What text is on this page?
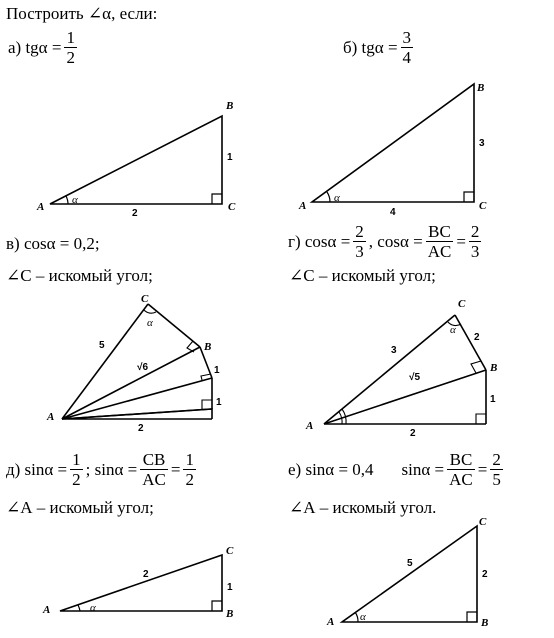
Построить ∠α, если:
а) $tg\alpha = \frac{1}{2}$	б) $tg\alpha = \frac{3}{4}$
в) cosα = 0,2;
∠С – искомый угол;
г) $\cos\alpha = \frac{2}{3}$ , $\cos\alpha = \frac{BC}{AC} = \frac{2}{3}$
∠С – искомый угол;
д) $\sin\alpha = \frac{1}{2}$ ; $\sin\alpha = \frac{CB}{AC} = \frac{1}{2}$
∠А – искомый угол;
е) sinα = 0,4 $\sin\alpha = \frac{BC}{AC} = \frac{2}{5}$
∠А – искомый угол.
A
B
C
α
2
1
A
B
C
α
4
3
A
B
C
α
5
√6
2
1
1
A
B
C
α
3
√5
2
1
2
A	B
C
α
2
1
A	B
C
α
5
2
